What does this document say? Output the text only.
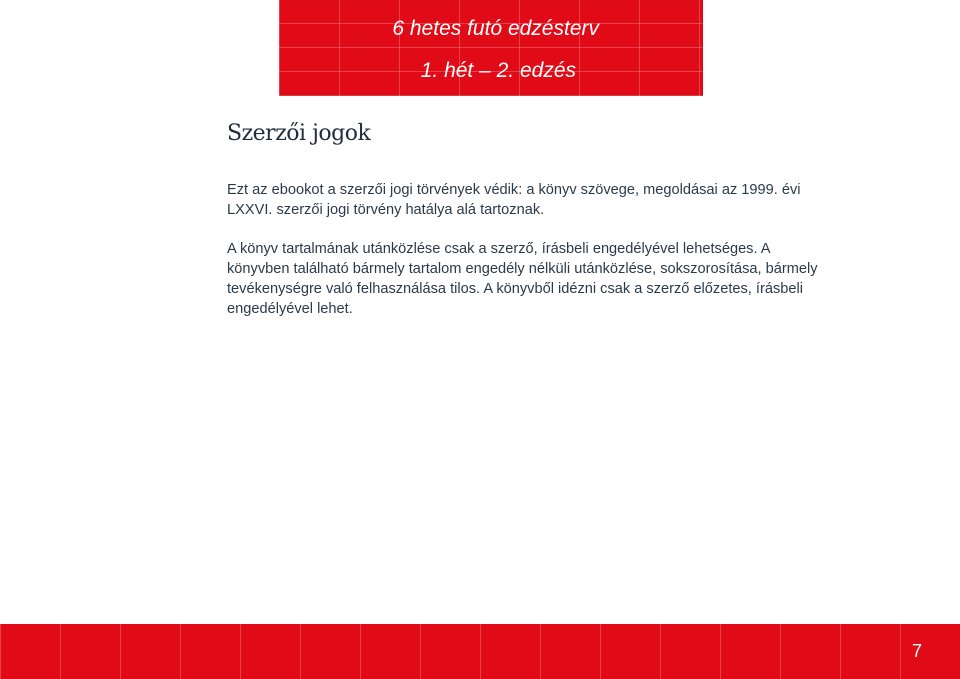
6 hetes futó edzésterv
1. hét – 2. edzés
Szerzői jogok

Ezt az ebookot a szerzői jogi törvények védik: a könyv szövege, megoldásai az 1999. évi LXXVI. szerzői jogi törvény hatálya alá tartoznak.

A könyv tartalmának utánközlése csak a szerző, írásbeli engedélyével lehetséges. A könyvben található bármely tartalom engedély nélküli utánközlése, sokszorosítása, bármely tevékenységre való felhasználása tilos. A könyvből idézni csak a szerző előzetes, írásbeli engedélyével lehet.

7
